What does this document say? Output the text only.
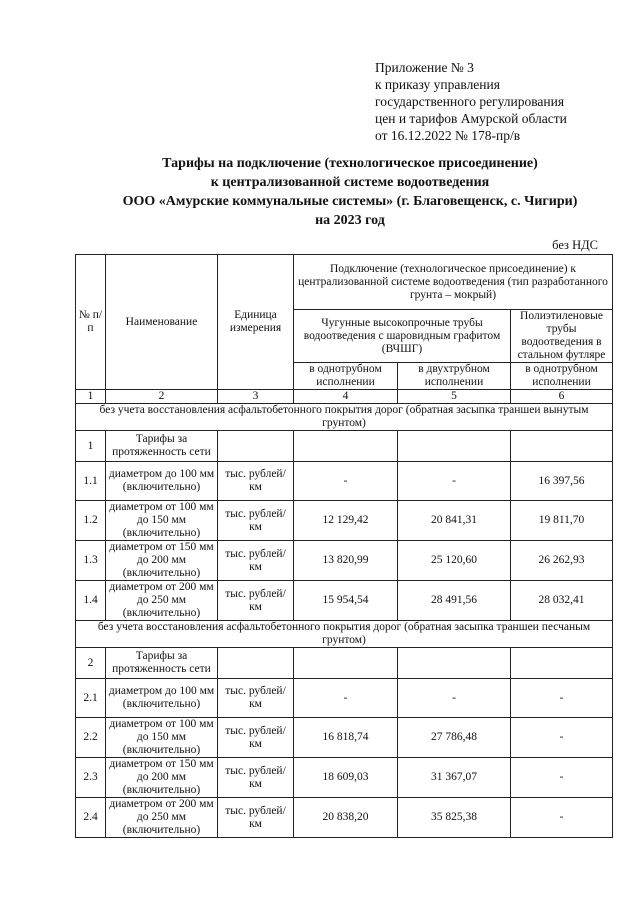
Приложение № 3
к приказу управления
государственного регулирования
цен и тарифов Амурской области
от 16.12.2022 № 178-пр/в
Тарифы на подключение (технологическое присоединение)
к централизованной системе водоотведения
ООО «Амурские коммунальные системы» (г. Благовещенск, с. Чигири)
на 2023 год
без НДС
№ п/п	Наименование	Единица измерения	Подключение (технологическое присоединение) к централизованной системе водоотведения (тип разработанного грунта – мокрый)		
			Чугунные высокопрочные трубы водоотведения с шаровидным графитом (ВЧШГ)		Полиэтиленовые трубы водоотведения в стальном футляре
			в однотрубном исполнении	в двухтрубном исполнении	в однотрубном исполнении
1	2	3	4	5	6
без учета восстановления асфальтобетонного покрытия дорог (обратная засыпка траншеи вынутым грунтом)					
1	Тарифы за протяженность сети				
1.1	диаметром до 100 мм (включительно)	тыс. рублей/км	-	-	16 397,56
1.2	диаметром от 100 мм до 150 мм (включительно)	тыс. рублей/км	12 129,42	20 841,31	19 811,70
1.3	диаметром от 150 мм до 200 мм (включительно)	тыс. рублей/км	13 820,99	25 120,60	26 262,93
1.4	диаметром от 200 мм до 250 мм (включительно)	тыс. рублей/км	15 954,54	28 491,56	28 032,41
без учета восстановления асфальтобетонного покрытия дорог (обратная засыпка траншеи песчаным грунтом)					
2	Тарифы за протяженность сети				
2.1	диаметром до 100 мм (включительно)	тыс. рублей/км	-	-	-
2.2	диаметром от 100 мм до 150 мм (включительно)	тыс. рублей/км	16 818,74	27 786,48	-
2.3	диаметром от 150 мм до 200 мм (включительно)	тыс. рублей/км	18 609,03	31 367,07	-
2.4	диаметром от 200 мм до 250 мм (включительно)	тыс. рублей/км	20 838,20	35 825,38	-
